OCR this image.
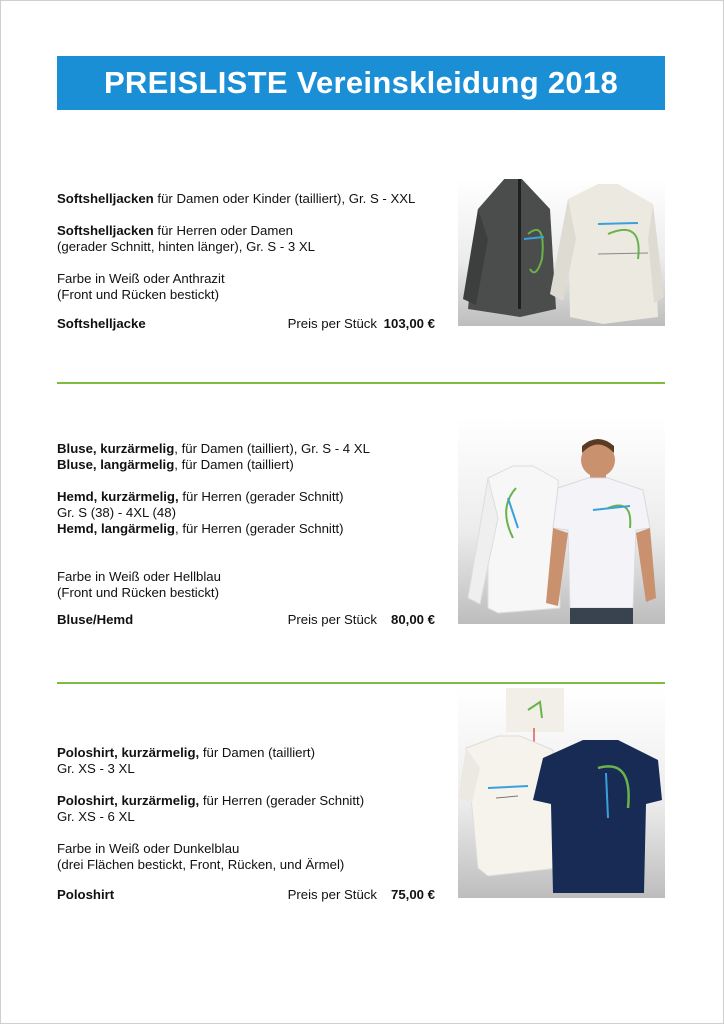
PREISLISTE Vereinskleidung 2018

Softshelljacken für Damen oder Kinder (tailliert), Gr. S - XXL

Softshelljacken für Herren oder Damen

(gerader Schnitt, hinten länger), Gr. S - 3 XL

Farbe in Weiß oder Anthrazit

(Front und Rücken bestickt)

Softshelljacke	Preis per Stück 103,00 €

Bluse, kurzärmelig, für Damen (tailliert), Gr. S - 4 XL

Bluse, langärmelig, für Damen (tailliert)

Hemd, kurzärmelig, für Herren (gerader Schnitt)

Gr. S (38) - 4XL (48)

Hemd, langärmelig, für Herren (gerader Schnitt)

Farbe in Weiß oder Hellblau

(Front und Rücken bestickt)

Bluse/Hemd	Preis per Stück 80,00 €

Poloshirt, kurzärmelig, für Damen (tailliert)

Gr. XS - 3 XL

Poloshirt, kurzärmelig, für Herren (gerader Schnitt)

Gr. XS - 6 XL

Farbe in Weiß oder Dunkelblau

(drei Flächen bestickt, Front, Rücken, und Ärmel)

Poloshirt	Preis per Stück 75,00 €
